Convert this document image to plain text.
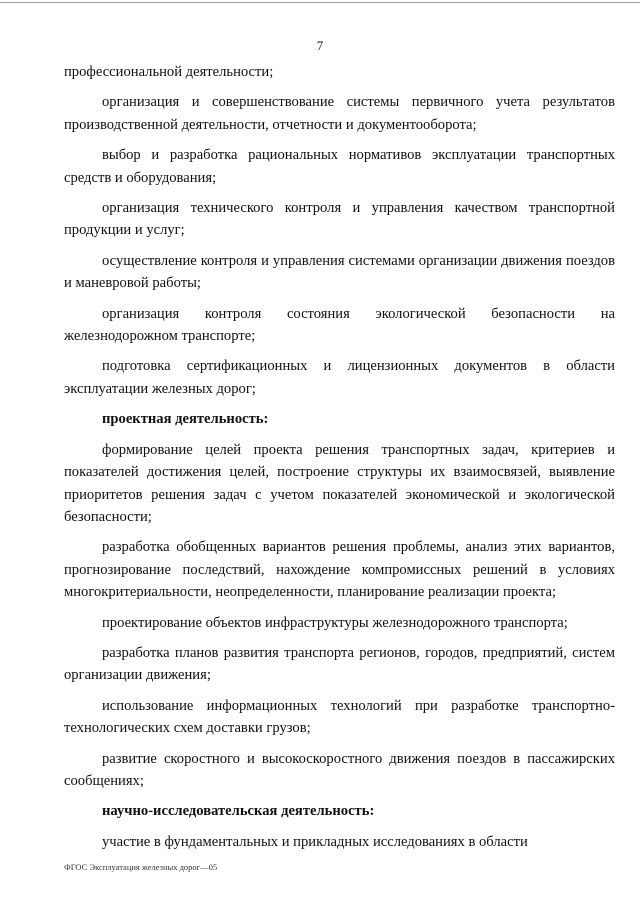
7

профессиональной деятельности;

организация и совершенствование системы первичного учета результатов производственной деятельности, отчетности и документооборота;

выбор и разработка рациональных нормативов эксплуатации транспортных средств и оборудования;

организация технического контроля и управления качеством транспортной продукции и услуг;

осуществление контроля и управления системами организации движения поездов и маневровой работы;

организация контроля состояния экологической безопасности на железнодорожном транспорте;

подготовка сертификационных и лицензионных документов в области эксплуатации железных дорог;

проектная деятельность:

формирование целей проекта решения транспортных задач, критериев и показателей достижения целей, построение структуры их взаимосвязей, выявление приоритетов решения задач с учетом показателей экономической и экологической безопасности;

разработка обобщенных вариантов решения проблемы, анализ этих вариантов, прогнозирование последствий, нахождение компромиссных решений в условиях многокритериальности, неопределенности, планирование реализации проекта;

проектирование объектов инфраструктуры железнодорожного транспорта;

разработка планов развития транспорта регионов, городов, предприятий, систем организации движения;

использование информационных технологий при разработке транспортно-технологических схем доставки грузов;

развитие скоростного и высокоскоростного движения поездов в пассажирских сообщениях;

научно-исследовательская деятельность:

участие в фундаментальных и прикладных исследованиях в области

ФГОС Эксплуатация железных дорог—05
